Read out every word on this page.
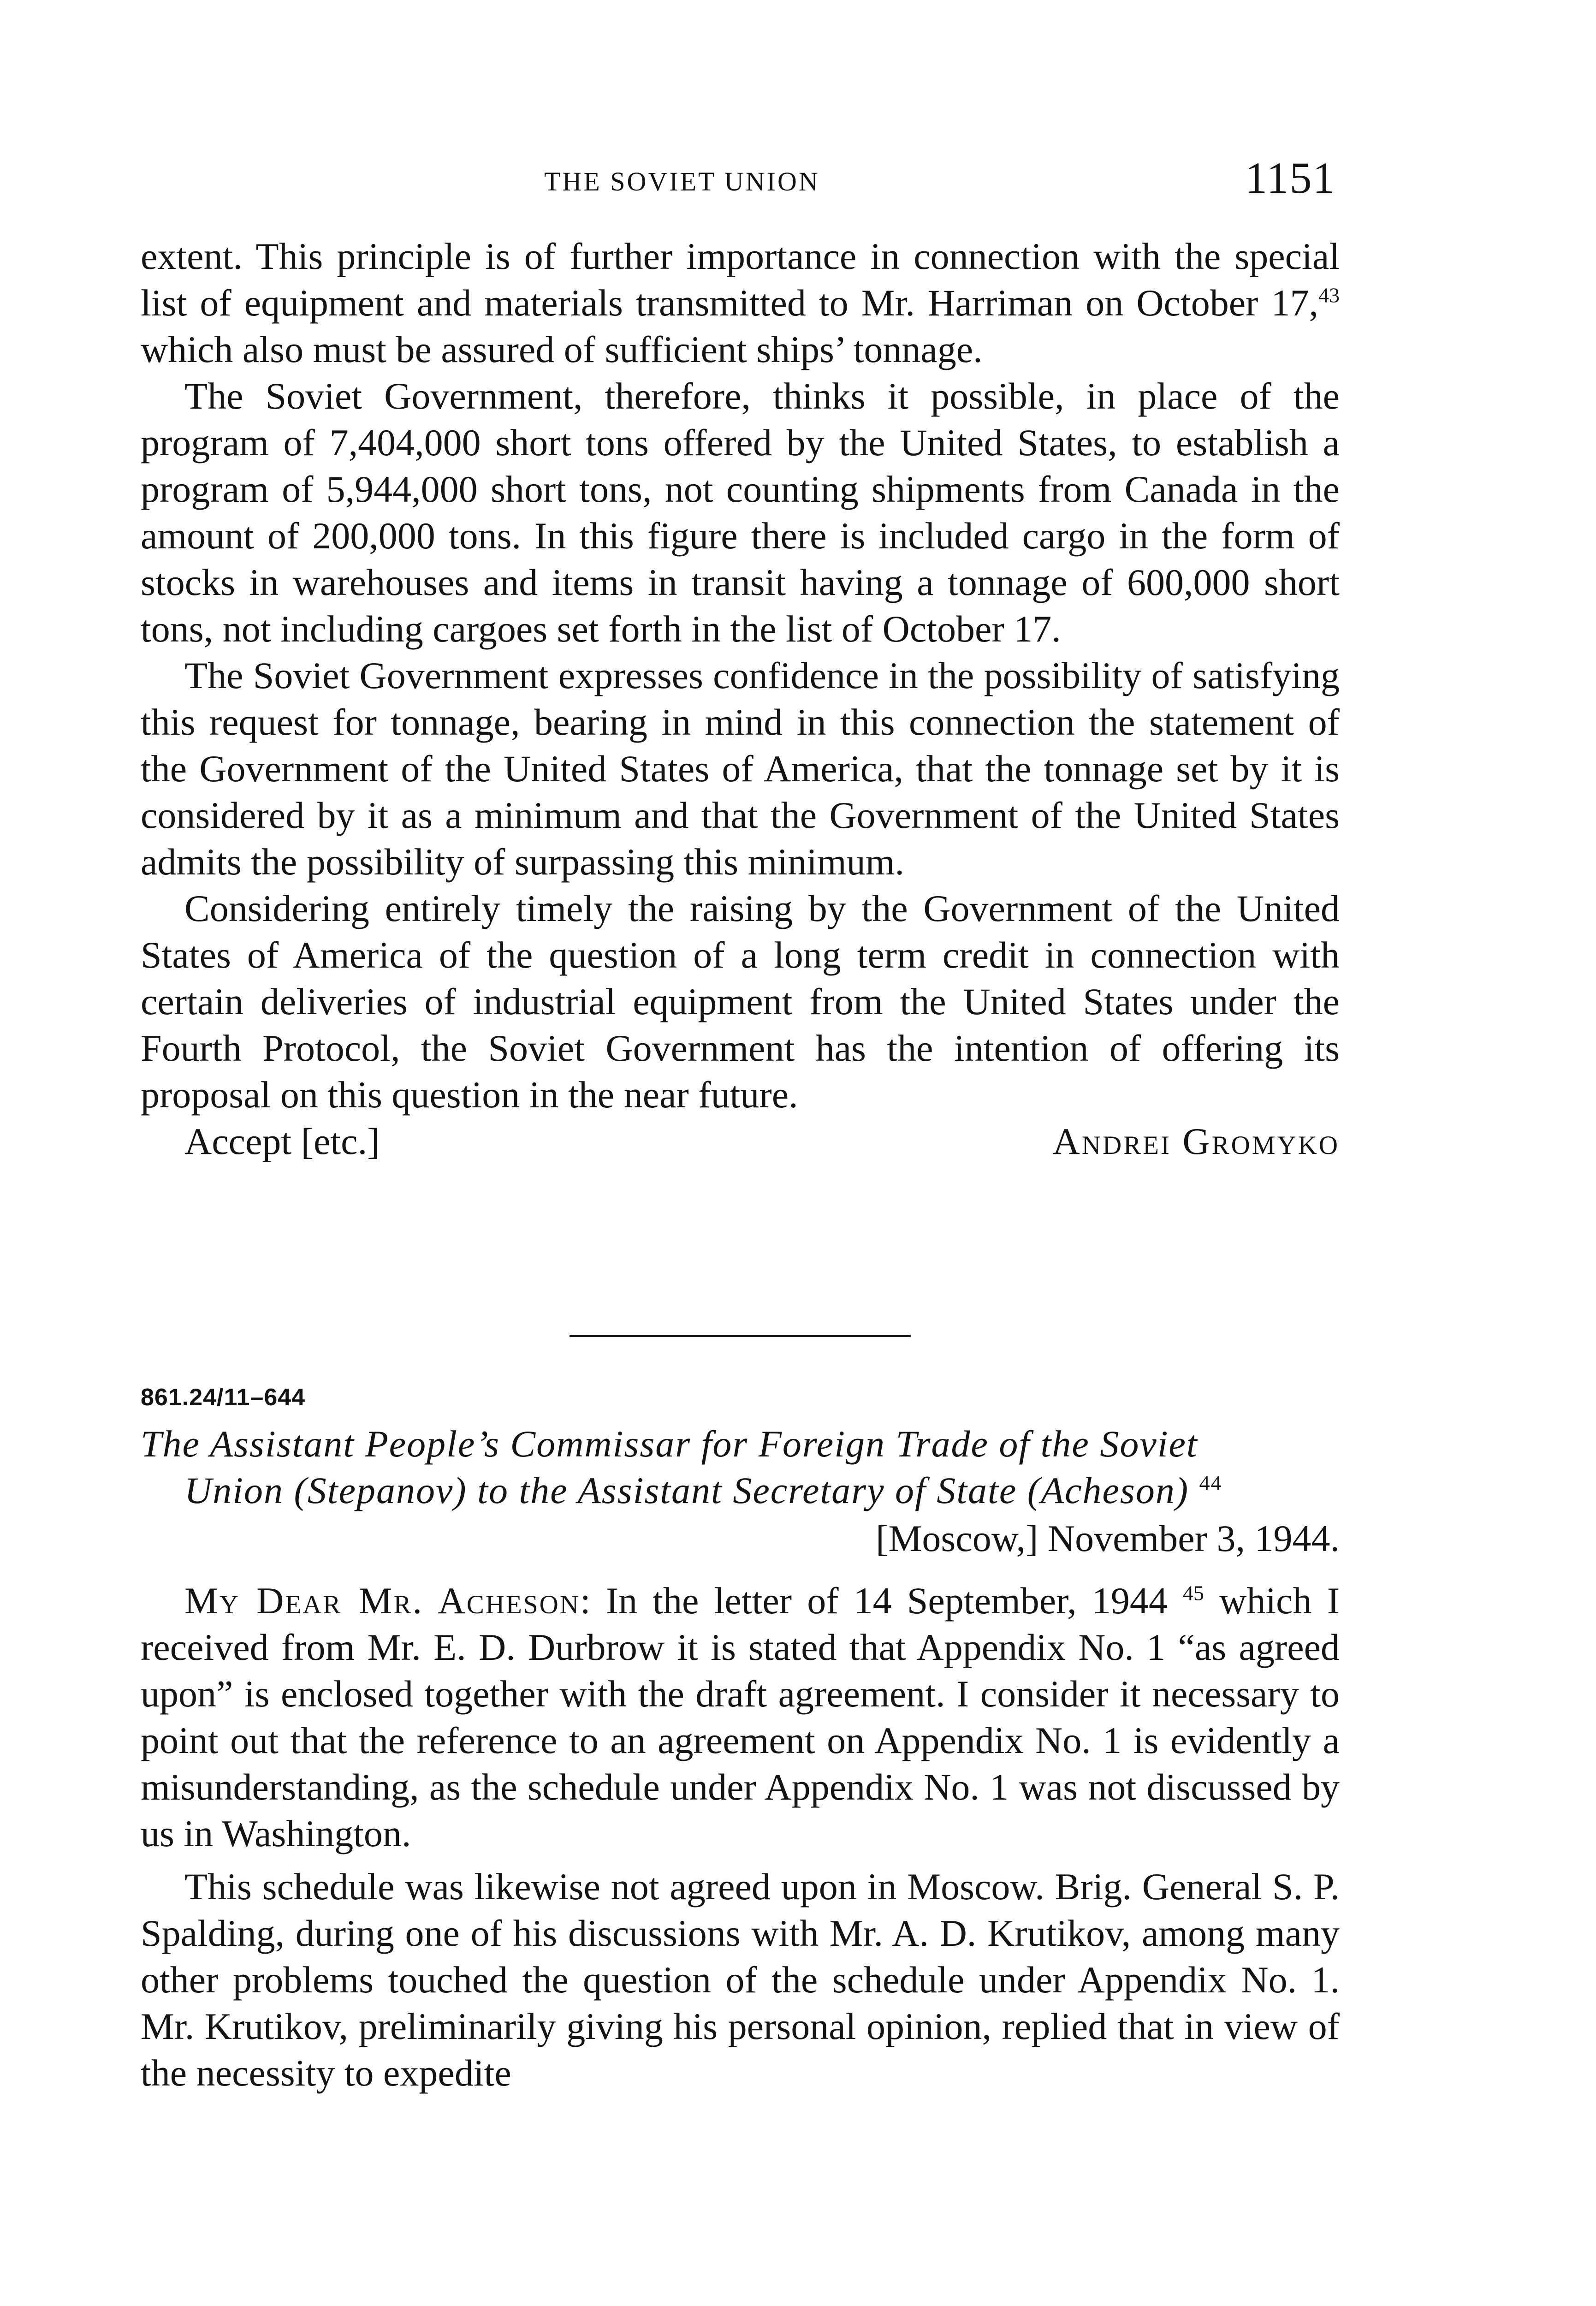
THE SOVIET UNION	1151

extent. This principle is of further importance in connection with the special list of equipment and materials transmitted to Mr. Harriman on October 17,43 which also must be assured of sufficient ships’ tonnage.

The Soviet Government, therefore, thinks it possible, in place of the program of 7,404,000 short tons offered by the United States, to establish a program of 5,944,000 short tons, not counting shipments from Canada in the amount of 200,000 tons. In this figure there is included cargo in the form of stocks in warehouses and items in transit having a tonnage of 600,000 short tons, not including cargoes set forth in the list of October 17.

The Soviet Government expresses confidence in the possibility of satisfying this request for tonnage, bearing in mind in this connection the statement of the Government of the United States of America, that the tonnage set by it is considered by it as a minimum and that the Government of the United States admits the possibility of surpassing this minimum.

Considering entirely timely the raising by the Government of the United States of America of the question of a long term credit in connection with certain deliveries of industrial equipment from the United States under the Fourth Protocol, the Soviet Government has the intention of offering its proposal on this question in the near future.

Accept [etc.]	Andrei Gromyko
861.24/11–644
The Assistant People’s Commissar for Foreign Trade of the Soviet
Union (Stepanov) to the Assistant Secretary of State (Acheson) $^{44}$
[Moscow,] November 3, 1944.

My Dear Mr. Acheson: In the letter of 14 September, 1944 $^{45}$ which I received from Mr. E. D. Durbrow it is stated that Appendix No. 1 “as agreed upon” is enclosed together with the draft agreement. I consider it necessary to point out that the reference to an agreement on Appendix No. 1 is evidently a misunderstanding, as the schedule under Appendix No. 1 was not discussed by us in Washington.

This schedule was likewise not agreed upon in Moscow. Brig. General S. P. Spalding, during one of his discussions with Mr. A. D. Krutikov, among many other problems touched the question of the schedule under Appendix No. 1. Mr. Krutikov, preliminarily giving his personal opinion, replied that in view of the necessity to expedite
